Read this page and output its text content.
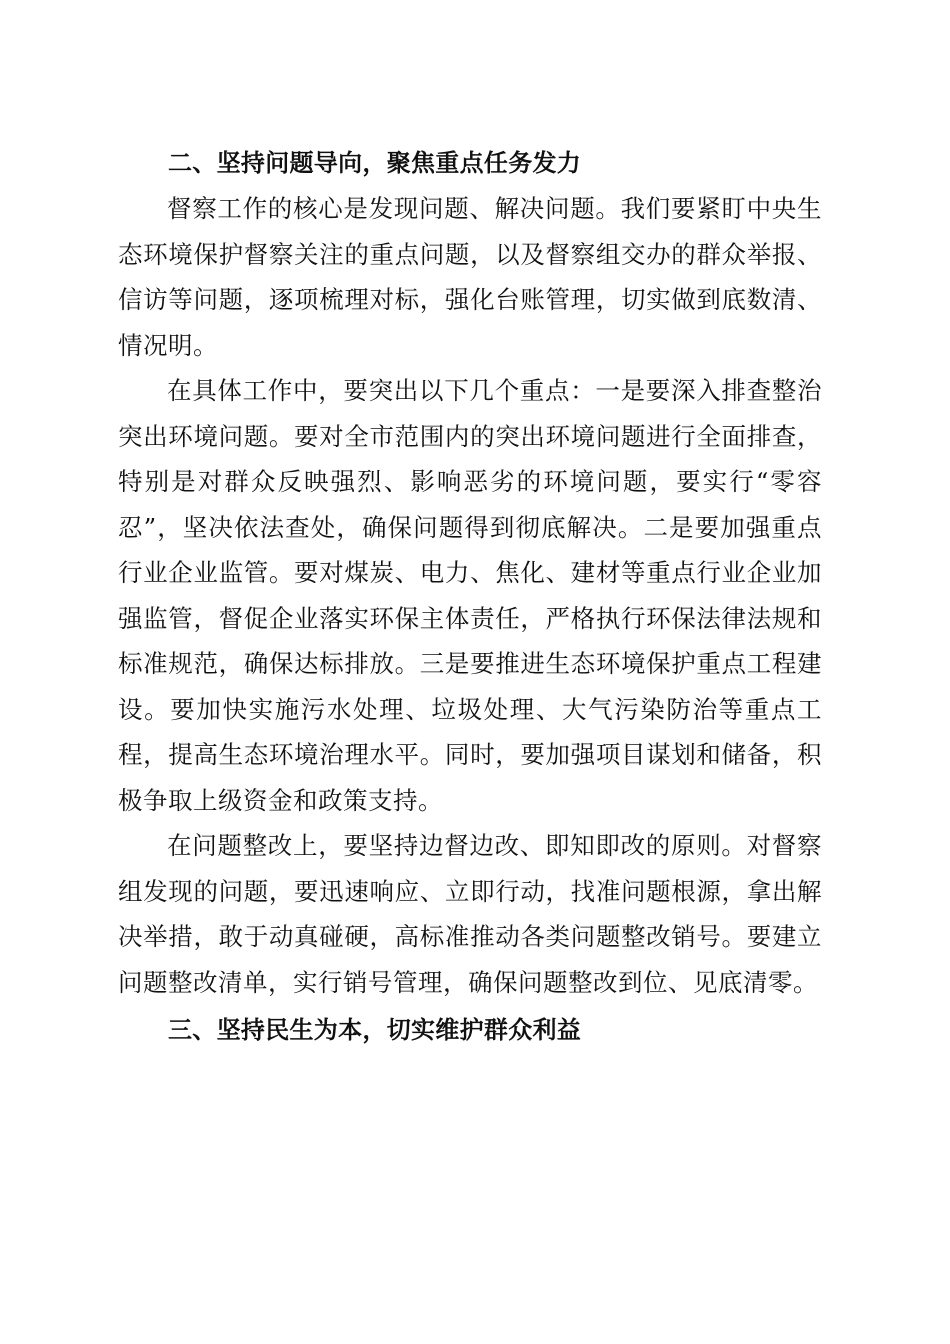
二、坚持问题导向，聚焦重点任务发力

督察工作的核心是发现问题、解决问题。我们要紧盯中央生态环境保护督察关注的重点问题，以及督察组交办的群众举报、信访等问题，逐项梳理对标，强化台账管理，切实做到底数清、情况明。

在具体工作中，要突出以下几个重点：一是要深入排查整治突出环境问题。要对全市范围内的突出环境问题进行全面排查，特别是对群众反映强烈、影响恶劣的环境问题，要实行“零容忍”，坚决依法查处，确保问题得到彻底解决。二是要加强重点行业企业监管。要对煤炭、电力、焦化、建材等重点行业企业加强监管，督促企业落实环保主体责任，严格执行环保法律法规和标准规范，确保达标排放。三是要推进生态环境保护重点工程建设。要加快实施污水处理、垃圾处理、大气污染防治等重点工程，提高生态环境治理水平。同时，要加强项目谋划和储备，积极争取上级资金和政策支持。

在问题整改上，要坚持边督边改、即知即改的原则。对督察组发现的问题，要迅速响应、立即行动，找准问题根源，拿出解决举措，敢于动真碰硬，高标准推动各类问题整改销号。要建立问题整改清单，实行销号管理，确保问题整改到位、见底清零。

三、坚持民生为本，切实维护群众利益
